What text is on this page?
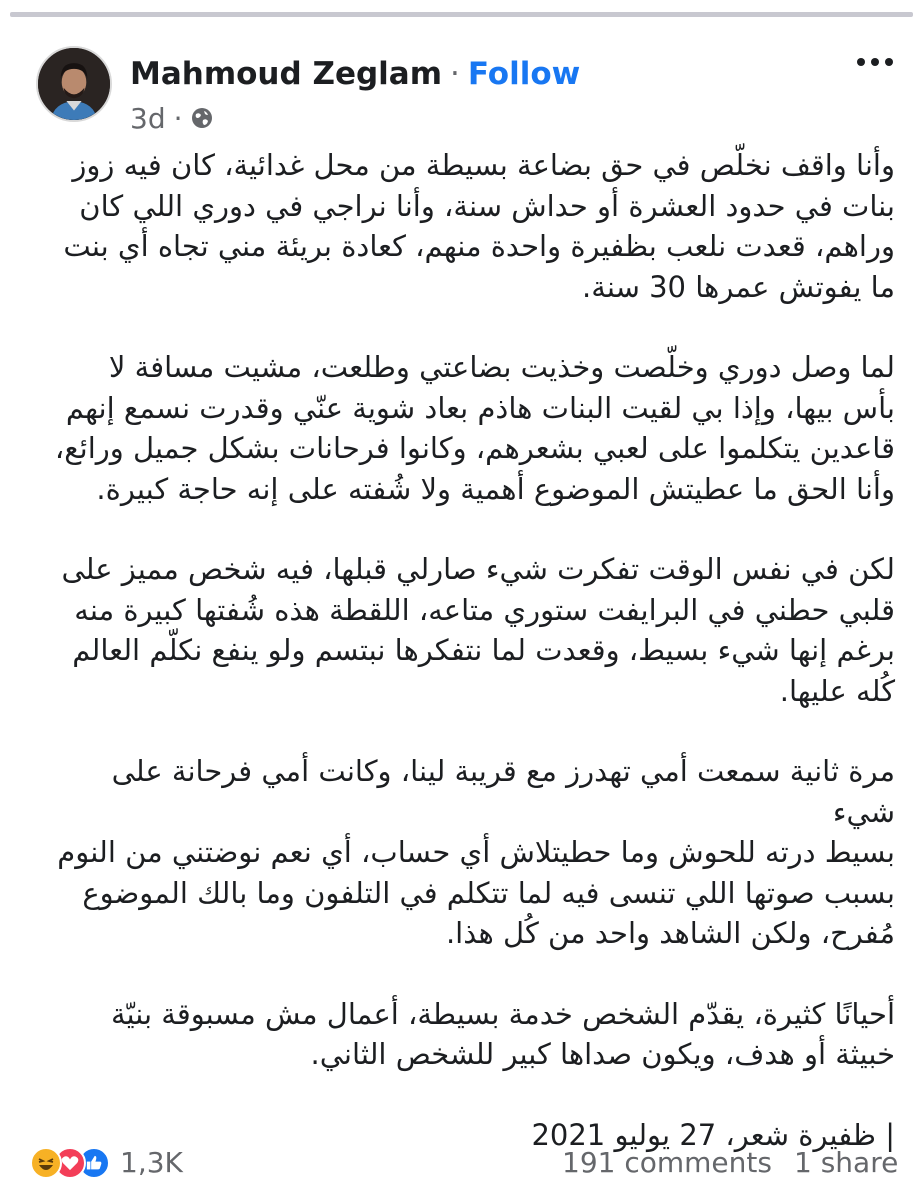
Mahmoud Zeglam · Follow
3d ·

وأنا واقف نخلّص في حق بضاعة بسيطة من محل غدائية، كان فيه زوز
بنات في حدود العشرة أو حداش سنة، وأنا نراجي في دوري اللي كان
وراهم، قعدت نلعب بظفيرة واحدة منهم، كعادة بريئة مني تجاه أي بنت
ما يفوتش عمرها 30 سنة.

لما وصل دوري وخلّصت وخذيت بضاعتي وطلعت، مشيت مسافة لا
بأس بيها، وإذا بي لقيت البنات هاذم بعاد شوية عنّي وقدرت نسمع إنهم
قاعدين يتكلموا على لعبي بشعرهم، وكانوا فرحانات بشكل جميل ورائع،
وأنا الحق ما عطيتش الموضوع أهمية ولا شُفته على إنه حاجة كبيرة.

لكن في نفس الوقت تفكرت شيء صارلي قبلها، فيه شخص مميز على
قلبي حطني في البرايفت ستوري متاعه، اللقطة هذه شُفتها كبيرة منه
برغم إنها شيء بسيط، وقعدت لما نتفكرها نبتسم ولو ينفع نكلّم العالم
كُله عليها.

مرة ثانية سمعت أمي تهدرز مع قريبة لينا، وكانت أمي فرحانة على شيء
بسيط درته للحوش وما حطيتلاش أي حساب، أي نعم نوضتني من النوم
بسبب صوتها اللي تنسى فيه لما تتكلم في التلفون وما بالك الموضوع
مُفرح، ولكن الشاهد واحد من كُل هذا.

أحيانًا كثيرة، يقدّم الشخص خدمة بسيطة، أعمال مش مسبوقة بنيّة
خبيثة أو هدف، ويكون صداها كبير للشخص الثاني.

| ظفيرة شعر، 27 يوليو 2021

1,3K	191 comments 1 share
